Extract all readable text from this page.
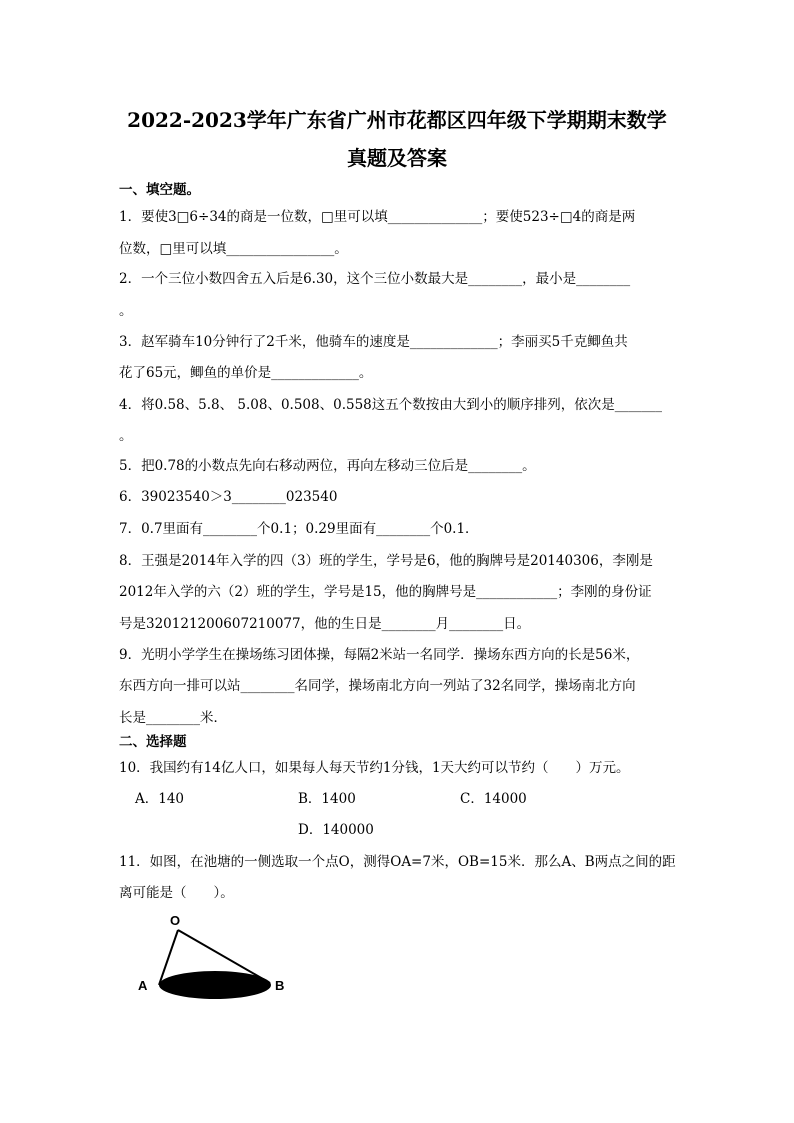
2022-2023学年广东省广州市花都区四年级下学期期末数学
真题及答案
一、填空题。
1．要使3□6÷34的商是一位数，□里可以填______________；要使523÷□4的商是两
位数，□里可以填________________。
2．一个三位小数四舍五入后是6.30，这个三位小数最大是________，最小是________
。
3．赵军骑车10分钟行了2千米，他骑车的速度是_____________；李丽买5千克鲫鱼共
花了65元，鲫鱼的单价是_____________。
4．将0.58、5.8、 5.08、0.508、0.558这五个数按由大到小的顺序排列，依次是_______
。
5．把0.78的小数点先向右移动两位，再向左移动三位后是________。
6．39023540＞3________023540
7．0.7里面有________个0.1；0.29里面有________个0.1．
8．王强是2014年入学的四（3）班的学生，学号是6，他的胸牌号是20140306，李刚是
2012年入学的六（2）班的学生，学号是15，他的胸牌号是____________；李刚的身份证
号是320121200607210077，他的生日是________月________日。
9．光明小学学生在操场练习团体操，每隔2米站一名同学．操场东西方向的长是56米，
东西方向一排可以站________名同学，操场南北方向一列站了32名同学，操场南北方向
长是________米．
二、选择题
10．我国约有14亿人口，如果每人每天节约1分钱，1天大约可以节约（　　）万元。
A．140	B．1400	C．14000
D．140000
11．如图，在池塘的一侧选取一个点O，测得OA=7米，OB=15米．那么A、B两点之间的距
离可能是（　　）。
O
A	B
